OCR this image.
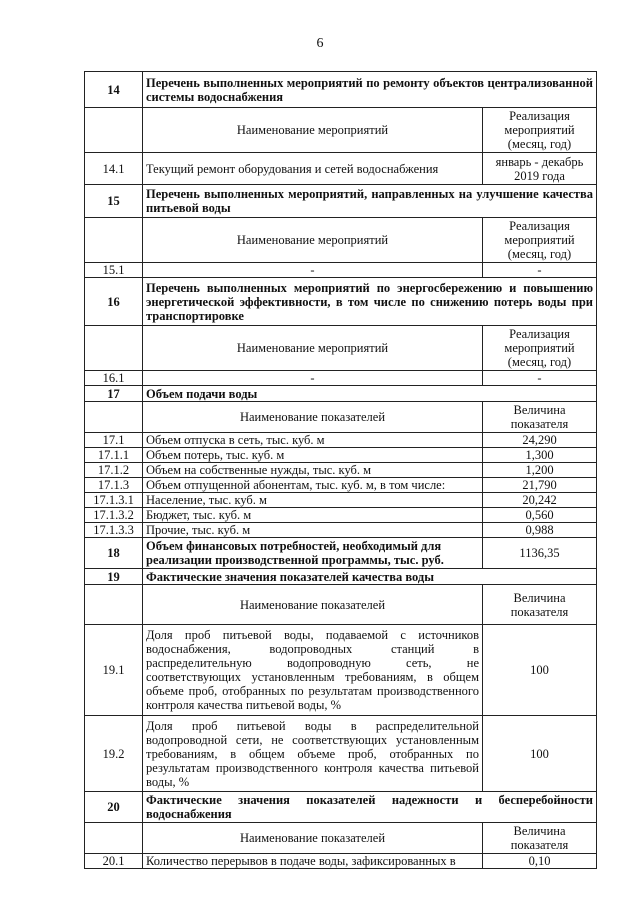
6
14	Перечень выполненных мероприятий по ремонту объектов централизованной системы водоснабжения	
	Наименование мероприятий	Реализация мероприятий (месяц, год)
14.1	Текущий ремонт оборудования и сетей водоснабжения	январь - декабрь 2019 года
15	Перечень выполненных мероприятий, направленных на улучшение качества питьевой воды	
	Наименование мероприятий	Реализация мероприятий (месяц, год)
15.1	-	-
16	Перечень выполненных мероприятий по энергосбережению и повышению энергетической эффективности, в том числе по снижению потерь воды при транспортировке	
	Наименование мероприятий	Реализация мероприятий (месяц, год)
16.1	-	-
17	Объем подачи воды	
	Наименование показателей	Величина показателя
17.1	Объем отпуска в сеть, тыс. куб. м	24,290
17.1.1	Объем потерь, тыс. куб. м	1,300
17.1.2	Объем на собственные нужды, тыс. куб. м	1,200
17.1.3	Объем отпущенной абонентам, тыс. куб. м, в том числе:	21,790
17.1.3.1	Население, тыс. куб. м	20,242
17.1.3.2	Бюджет, тыс. куб. м	0,560
17.1.3.3	Прочие, тыс. куб. м	0,988
18	Объем финансовых потребностей, необходимый для реализации производственной программы, тыс. руб.	1136,35
19	Фактические значения показателей качества воды	
	Наименование показателей	Величина показателя
19.1	Доля проб питьевой воды, подаваемой с источников водоснабжения, водопроводных станций в распределительную водопроводную сеть, не соответствующих установленным требованиям, в общем объеме проб, отобранных по результатам производственного контроля качества питьевой воды, %	100
19.2	Доля проб питьевой воды в распределительной водопроводной сети, не соответствующих установленным требованиям, в общем объеме проб, отобранных по результатам производственного контроля качества питьевой воды, %	100
20	Фактические значения показателей надежности и бесперебойности водоснабжения	
	Наименование показателей	Величина показателя
20.1	Количество перерывов в подаче воды, зафиксированных в	0,10
